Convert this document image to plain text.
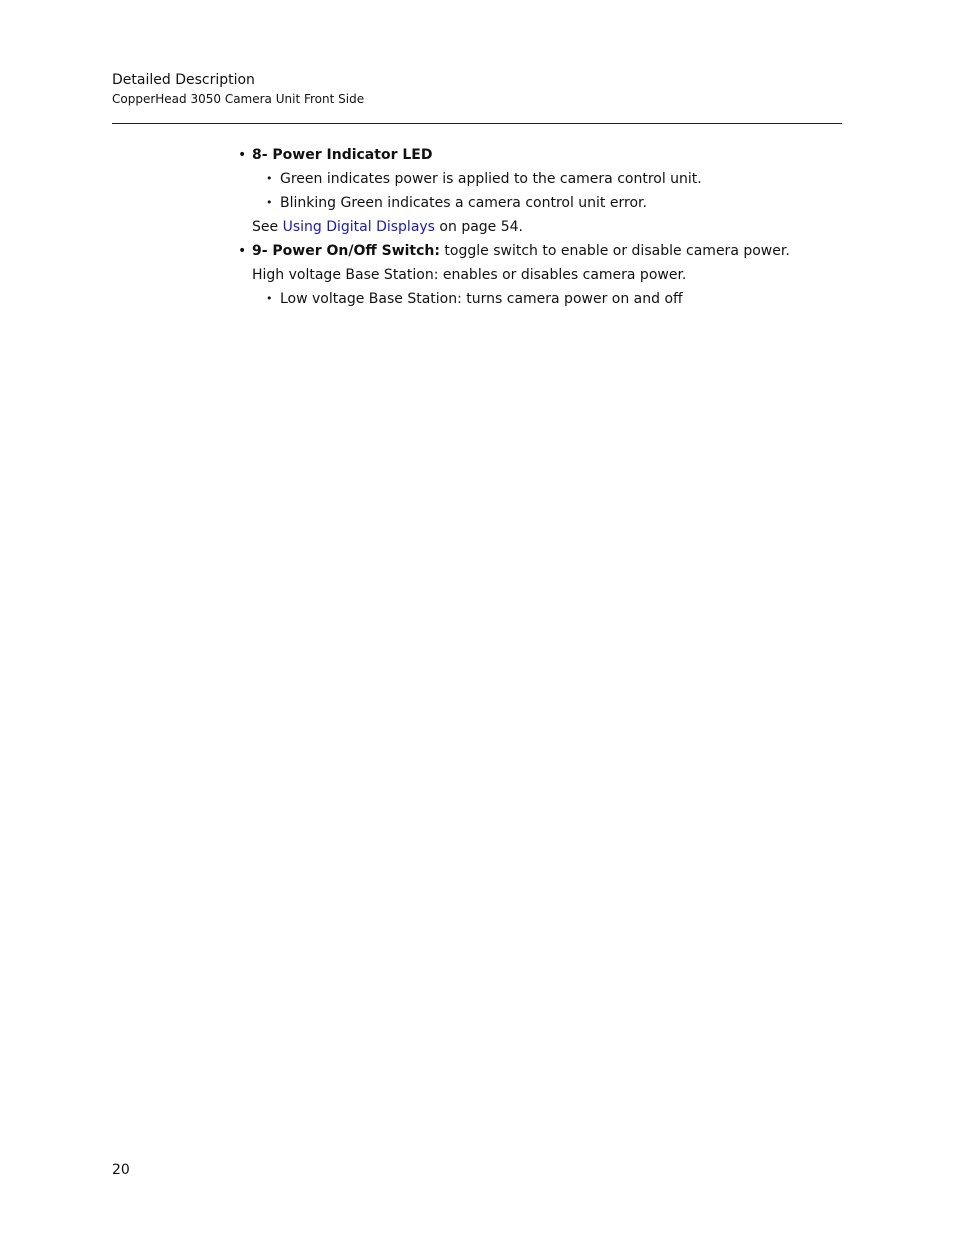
Detailed Description

CopperHead 3050 Camera Unit Front Side

• 8- Power Indicator LED
• Green indicates power is applied to the camera control unit.
• Blinking Green indicates a camera control unit error.
See Using Digital Displays on page 54.
• 9- Power On/Off Switch: toggle switch to enable or disable camera power.
High voltage Base Station: enables or disables camera power.
• Low voltage Base Station: turns camera power on and off
20
